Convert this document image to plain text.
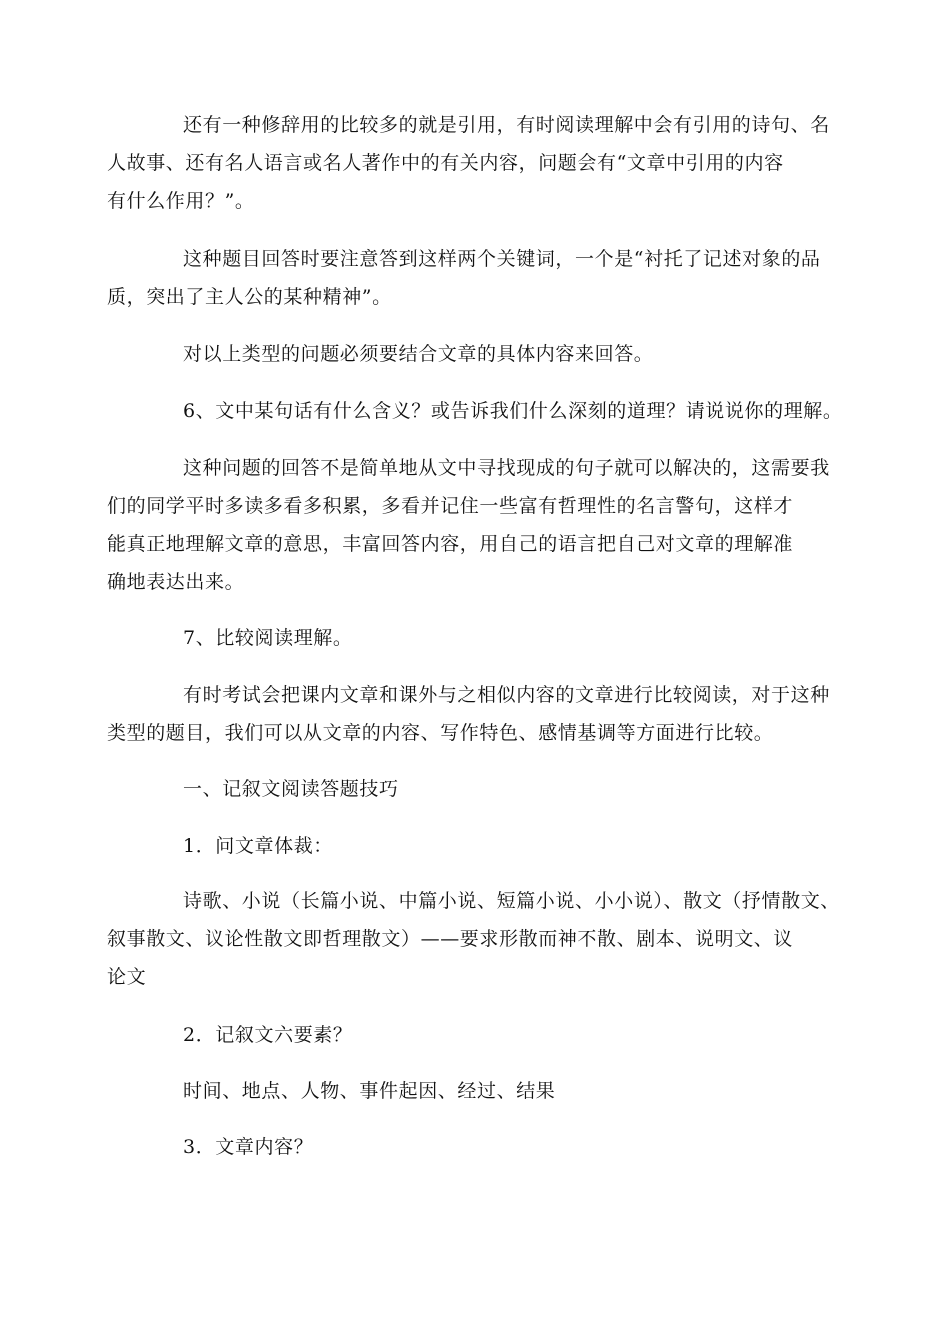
还有一种修辞用的比较多的就是引用，有时阅读理解中会有引用的诗句、名
人故事、还有名人语言或名人著作中的有关内容，问题会有“文章中引用的内容
有什么作用？”。
这种题目回答时要注意答到这样两个关键词，一个是“衬托了记述对象的品
质，突出了主人公的某种精神”。
对以上类型的问题必须要结合文章的具体内容来回答。
6、文中某句话有什么含义？或告诉我们什么深刻的道理？请说说你的理解。
这种问题的回答不是简单地从文中寻找现成的句子就可以解决的，这需要我
们的同学平时多读多看多积累，多看并记住一些富有哲理性的名言警句，这样才
能真正地理解文章的意思，丰富回答内容，用自己的语言把自己对文章的理解准
确地表达出来。
7、比较阅读理解。
有时考试会把课内文章和课外与之相似内容的文章进行比较阅读，对于这种
类型的题目，我们可以从文章的内容、写作特色、感情基调等方面进行比较。
一、记叙文阅读答题技巧
1．问文章体裁：
诗歌、小说（长篇小说、中篇小说、短篇小说、小小说）、散文（抒情散文、
叙事散文、议论性散文即哲理散文）——要求形散而神不散、剧本、说明文、议
论文
2．记叙文六要素？
时间、地点、人物、事件起因、经过、结果
3．文章内容？
